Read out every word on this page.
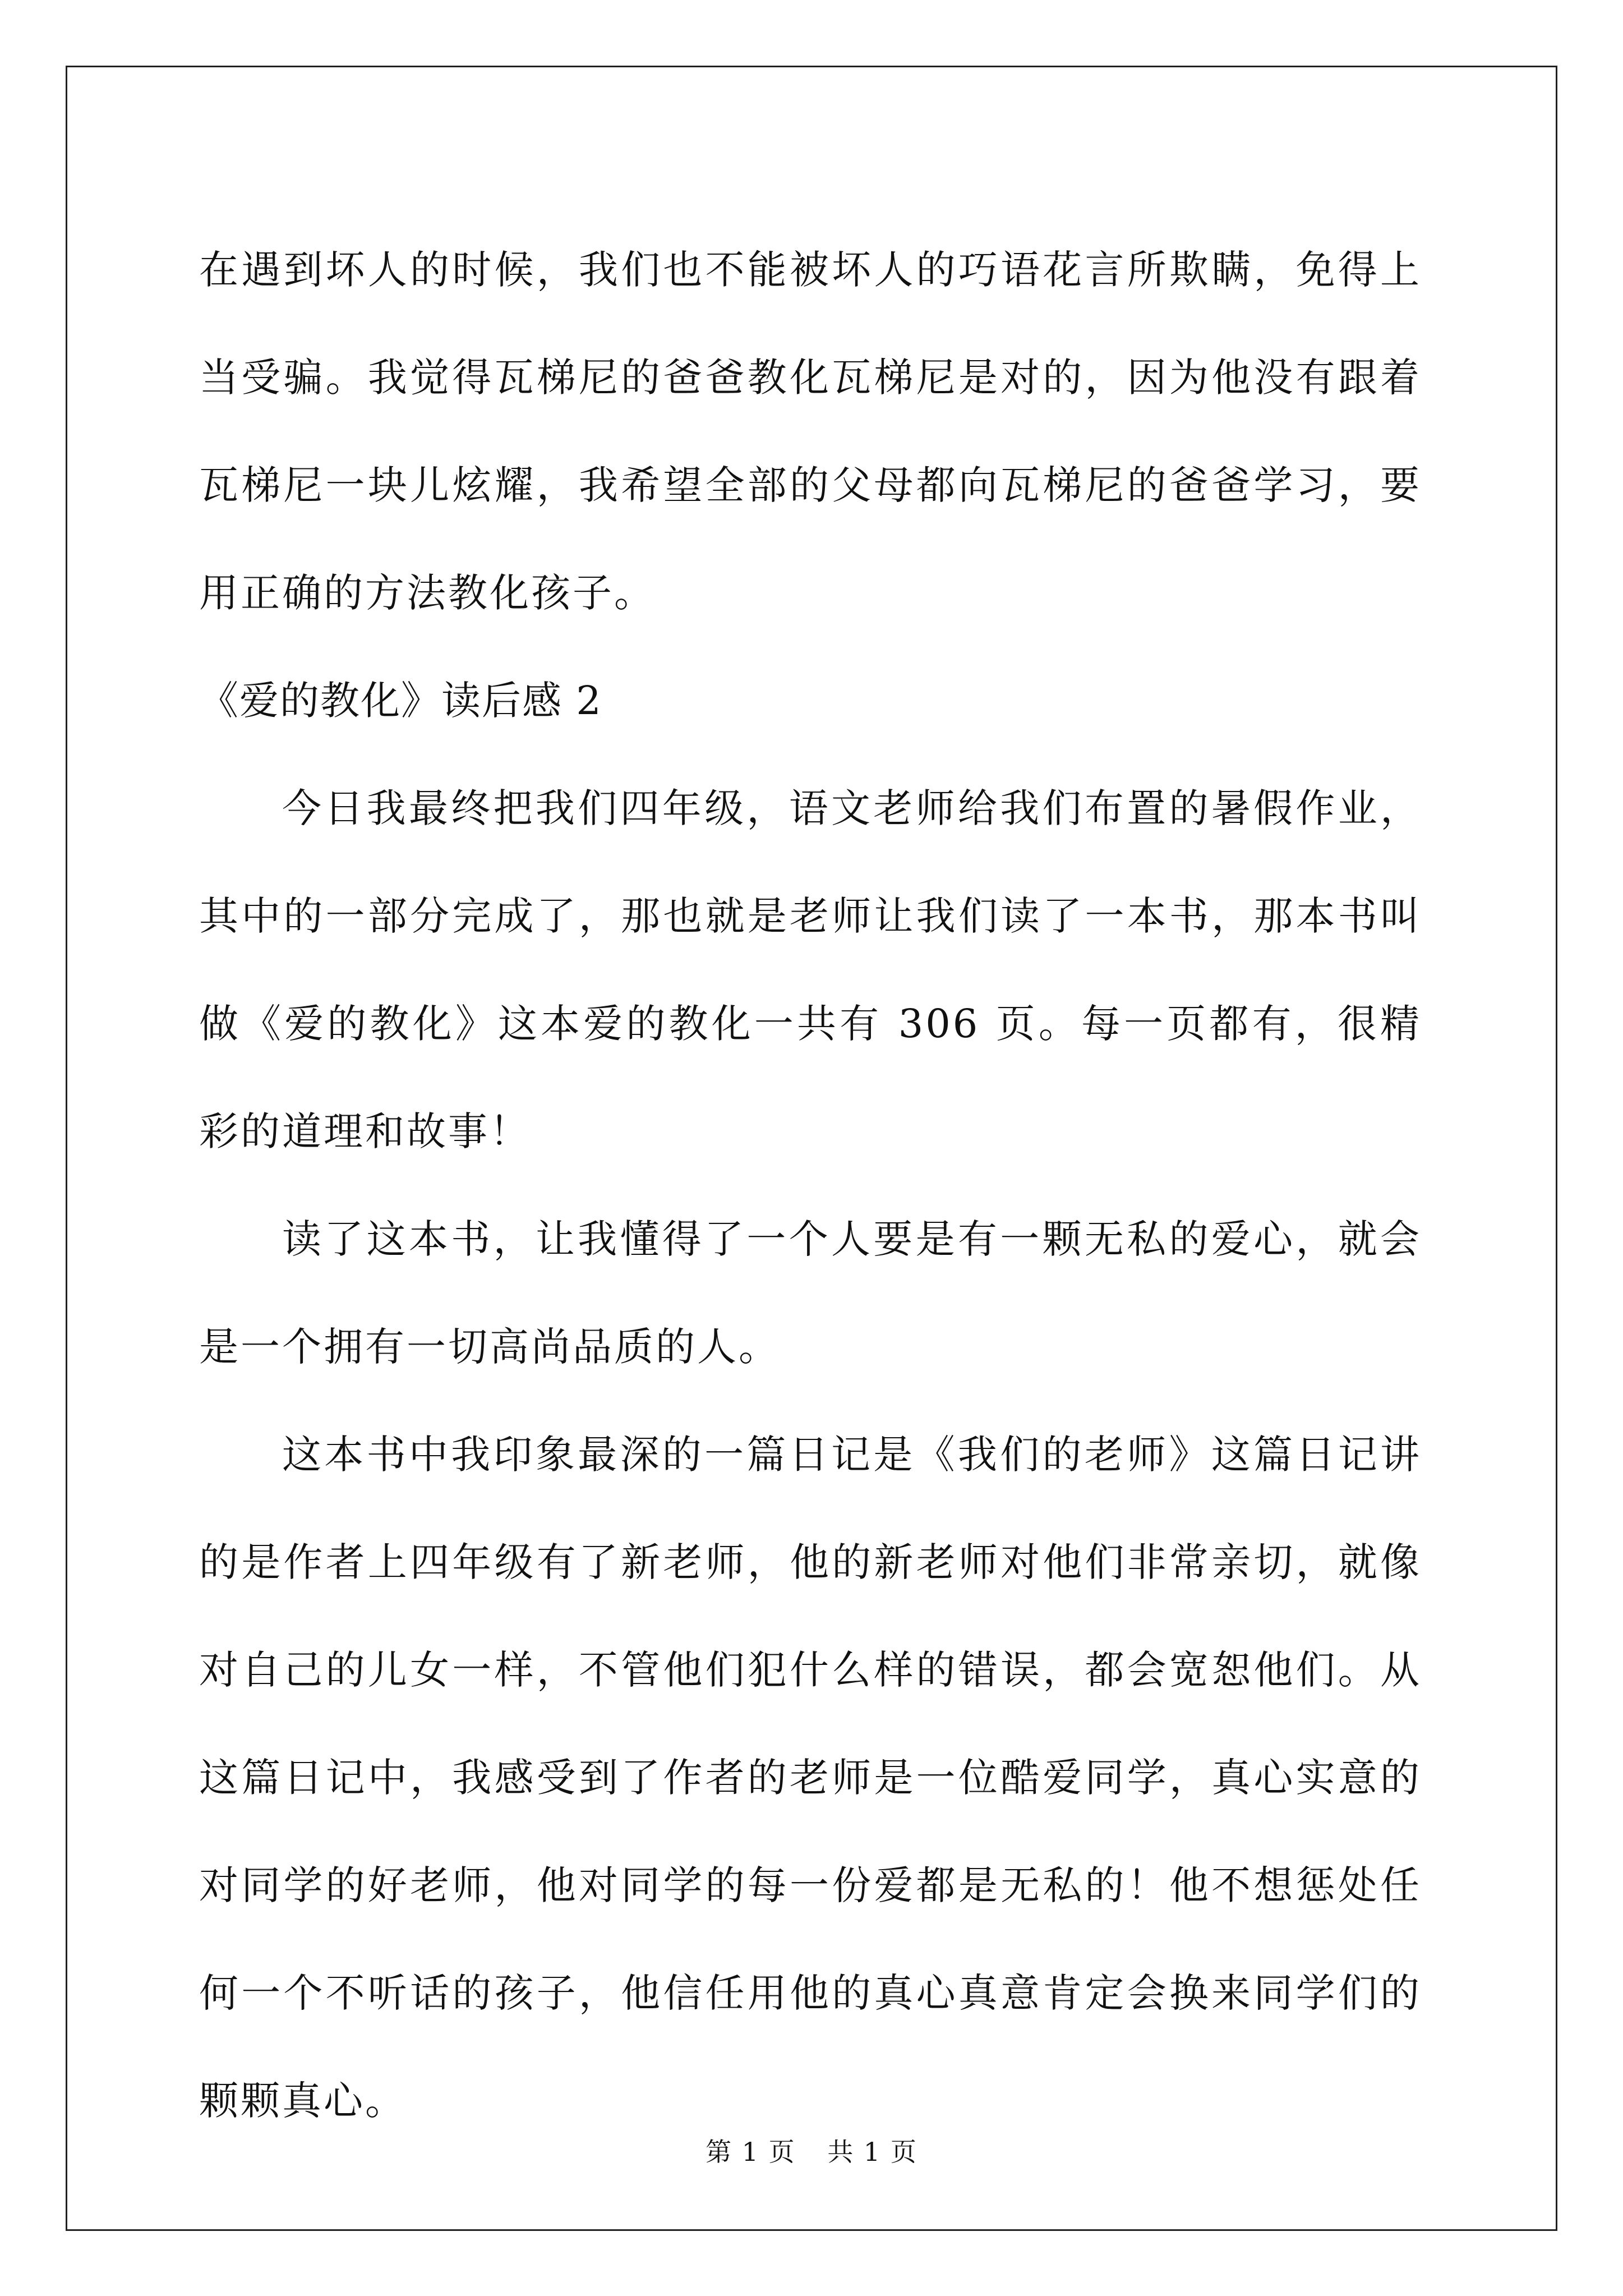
在遇到坏人的时候，我们也不能被坏人的巧语花言所欺瞒，免得上当受骗。我觉得瓦梯尼的爸爸教化瓦梯尼是对的，因为他没有跟着瓦梯尼一块儿炫耀，我希望全部的父母都向瓦梯尼的爸爸学习，要用正确的方法教化孩子。

《爱的教化》读后感 2

今日我最终把我们四年级，语文老师给我们布置的暑假作业，其中的一部分完成了，那也就是老师让我们读了一本书，那本书叫做《爱的教化》这本爱的教化一共有 306 页。每一页都有，很精彩的道理和故事！

读了这本书，让我懂得了一个人要是有一颗无私的爱心，就会是一个拥有一切高尚品质的人。

这本书中我印象最深的一篇日记是《我们的老师》这篇日记讲的是作者上四年级有了新老师，他的新老师对他们非常亲切，就像对自己的儿女一样，不管他们犯什么样的错误，都会宽恕他们。从这篇日记中，我感受到了作者的老师是一位酷爱同学，真心实意的对同学的好老师，他对同学的每一份爱都是无私的！他不想惩处任何一个不听话的孩子，他信任用他的真心真意肯定会换来同学们的颗颗真心。

第 1 页 共 1 页
